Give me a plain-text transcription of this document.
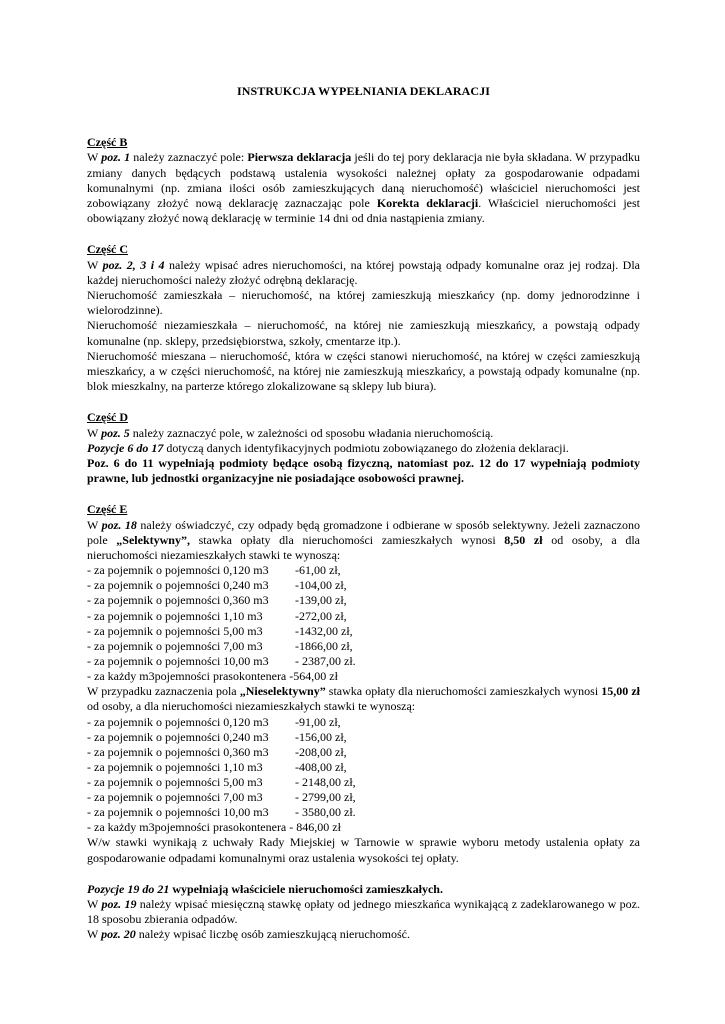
INSTRUKCJA WYPEŁNIANIA DEKLARACJI

Część B

W poz. 1 należy zaznaczyć pole: Pierwsza deklaracja jeśli do tej pory deklaracja nie była składana. W przypadku zmiany danych będących podstawą ustalenia wysokości należnej opłaty za gospodarowanie odpadami komunalnymi (np. zmiana ilości osób zamieszkujących daną nieruchomość) właściciel nieruchomości jest zobowiązany złożyć nową deklarację zaznaczając pole Korekta deklaracji. Właściciel nieruchomości jest obowiązany złożyć nową deklarację w terminie 14 dni od dnia nastąpienia zmiany.

Część C

W poz. 2, 3 i 4 należy wpisać adres nieruchomości, na której powstają odpady komunalne oraz jej rodzaj. Dla każdej nieruchomości należy złożyć odrębną deklarację.

Nieruchomość zamieszkała – nieruchomość, na której zamieszkują mieszkańcy (np. domy jednorodzinne i wielorodzinne).

Nieruchomość niezamieszkała – nieruchomość, na której nie zamieszkują mieszkańcy, a powstają odpady komunalne (np. sklepy, przedsiębiorstwa, szkoły, cmentarze itp.).

Nieruchomość mieszana – nieruchomość, która w części stanowi nieruchomość, na której w części zamieszkują mieszkańcy, a w części nieruchomość, na której nie zamieszkują mieszkańcy, a powstają odpady komunalne (np. blok mieszkalny, na parterze którego zlokalizowane są sklepy lub biura).

Część D

W poz. 5 należy zaznaczyć pole, w zależności od sposobu władania nieruchomością.

Pozycje 6 do 17 dotyczą danych identyfikacyjnych podmiotu zobowiązanego do złożenia deklaracji.

Poz. 6 do 11 wypełniają podmioty będące osobą fizyczną, natomiast poz. 12 do 17 wypełniają podmioty prawne, lub jednostki organizacyjne nie posiadające osobowości prawnej.

Część E

W poz. 18 należy oświadczyć, czy odpady będą gromadzone i odbierane w sposób selektywny. Jeżeli zaznaczono pole „Selektywny”, stawka opłaty dla nieruchomości zamieszkałych wynosi 8,50 zł od osoby, a dla nieruchomości niezamieszkałych stawki te wynoszą:

- za pojemnik o pojemności 0,120 m3	-61,00 zł,
- za pojemnik o pojemności 0,240 m3	-104,00 zł,
- za pojemnik o pojemności 0,360 m3	-139,00 zł,
- za pojemnik o pojemności 1,10 m3	-272,00 zł,
- za pojemnik o pojemności 5,00 m3	-1432,00 zł,
- za pojemnik o pojemności 7,00 m3	-1866,00 zł,
- za pojemnik o pojemności 10,00 m3	- 2387,00 zł.

- za każdy m3pojemności prasokontenera -564,00 zł

W przypadku zaznaczenia pola „Nieselektywny” stawka opłaty dla nieruchomości zamieszkałych wynosi 15,00 zł od osoby, a dla nieruchomości niezamieszkałych stawki te wynoszą:

- za pojemnik o pojemności 0,120 m3	-91,00 zł,
- za pojemnik o pojemności 0,240 m3	-156,00 zł,
- za pojemnik o pojemności 0,360 m3	-208,00 zł,
- za pojemnik o pojemności 1,10 m3	-408,00 zł,
- za pojemnik o pojemności 5,00 m3	- 2148,00 zł,
- za pojemnik o pojemności 7,00 m3	- 2799,00 zł,
- za pojemnik o pojemności 10,00 m3	- 3580,00 zł.

- za każdy m3pojemności prasokontenera - 846,00 zł

W/w stawki wynikają z uchwały Rady Miejskiej w Tarnowie w sprawie wyboru metody ustalenia opłaty za gospodarowanie odpadami komunalnymi oraz ustalenia wysokości tej opłaty.

Pozycje 19 do 21 wypełniają właściciele nieruchomości zamieszkałych.

W poz. 19 należy wpisać miesięczną stawkę opłaty od jednego mieszkańca wynikającą z zadeklarowanego w poz. 18 sposobu zbierania odpadów.

W poz. 20 należy wpisać liczbę osób zamieszkującą nieruchomość.
